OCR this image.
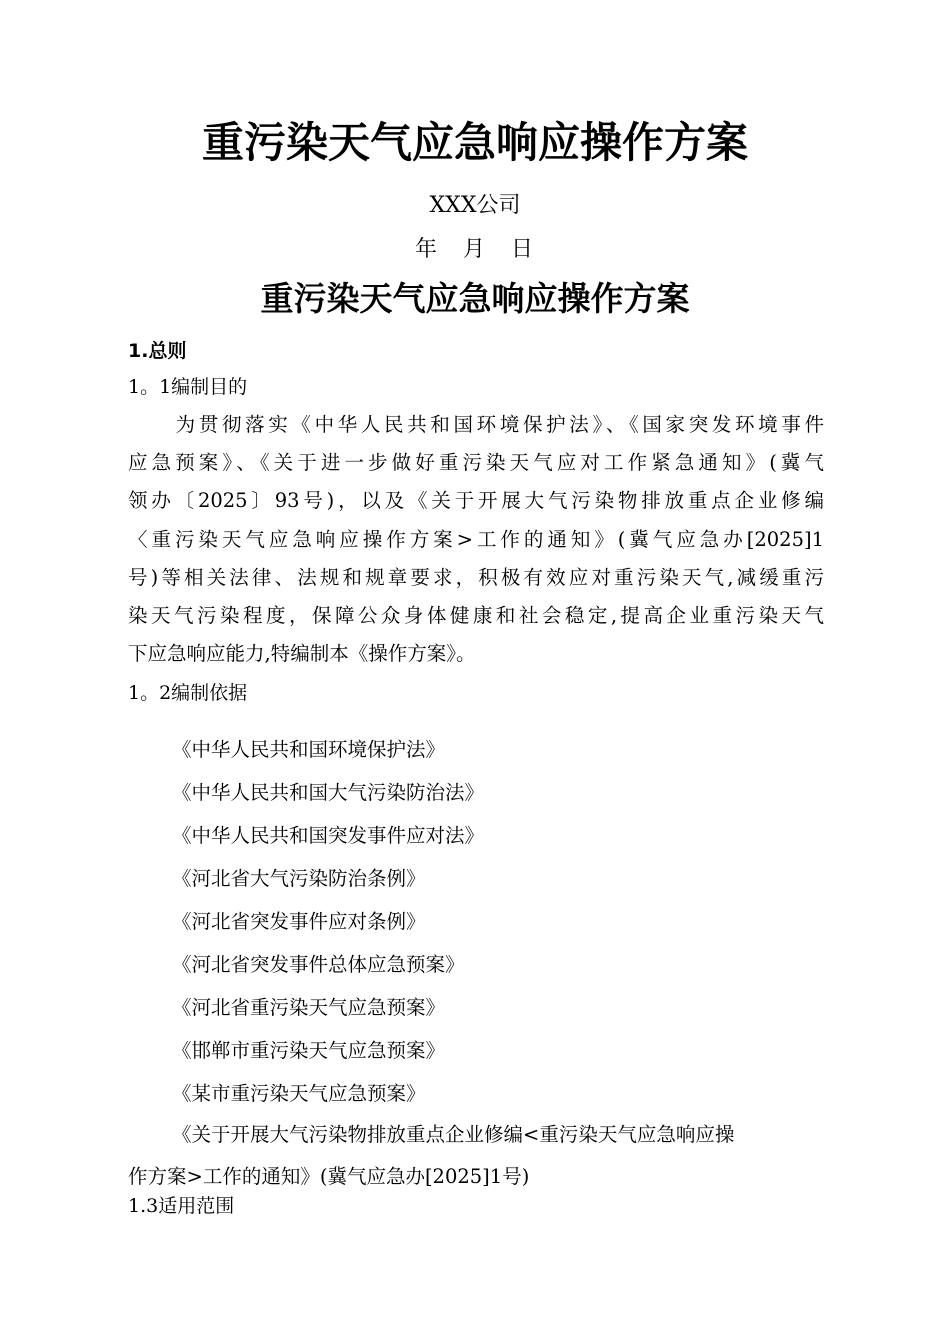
重污染天气应急响应操作方案
XXX公司
年　月　日
重污染天气应急响应操作方案
1.总则
1。1编制目的
为贯彻落实《中华人民共和国环境保护法》、《国家突发环境事件
应急预案》、《关于进一步做好重污染天气应对工作紧急通知》(冀气
领办〔2025〕93号)，以及《关于开展大气污染物排放重点企业修编
〈重污染天气应急响应操作方案>工作的通知》(冀气应急办[2025]1
号)等相关法律、法规和规章要求，积极有效应对重污染天气,减缓重污
染天气污染程度，保障公众身体健康和社会稳定,提高企业重污染天气
下应急响应能力,特编制本《操作方案》。
1。2编制依据
《中华人民共和国环境保护法》
《中华人民共和国大气污染防治法》
《中华人民共和国突发事件应对法》
《河北省大气污染防治条例》
《河北省突发事件应对条例》
《河北省突发事件总体应急预案》
《河北省重污染天气应急预案》
《邯郸市重污染天气应急预案》
《某市重污染天气应急预案》
《关于开展大气污染物排放重点企业修编<重污染天气应急响应操
作方案>工作的通知》(冀气应急办[2025]1号)
1.3适用范围
